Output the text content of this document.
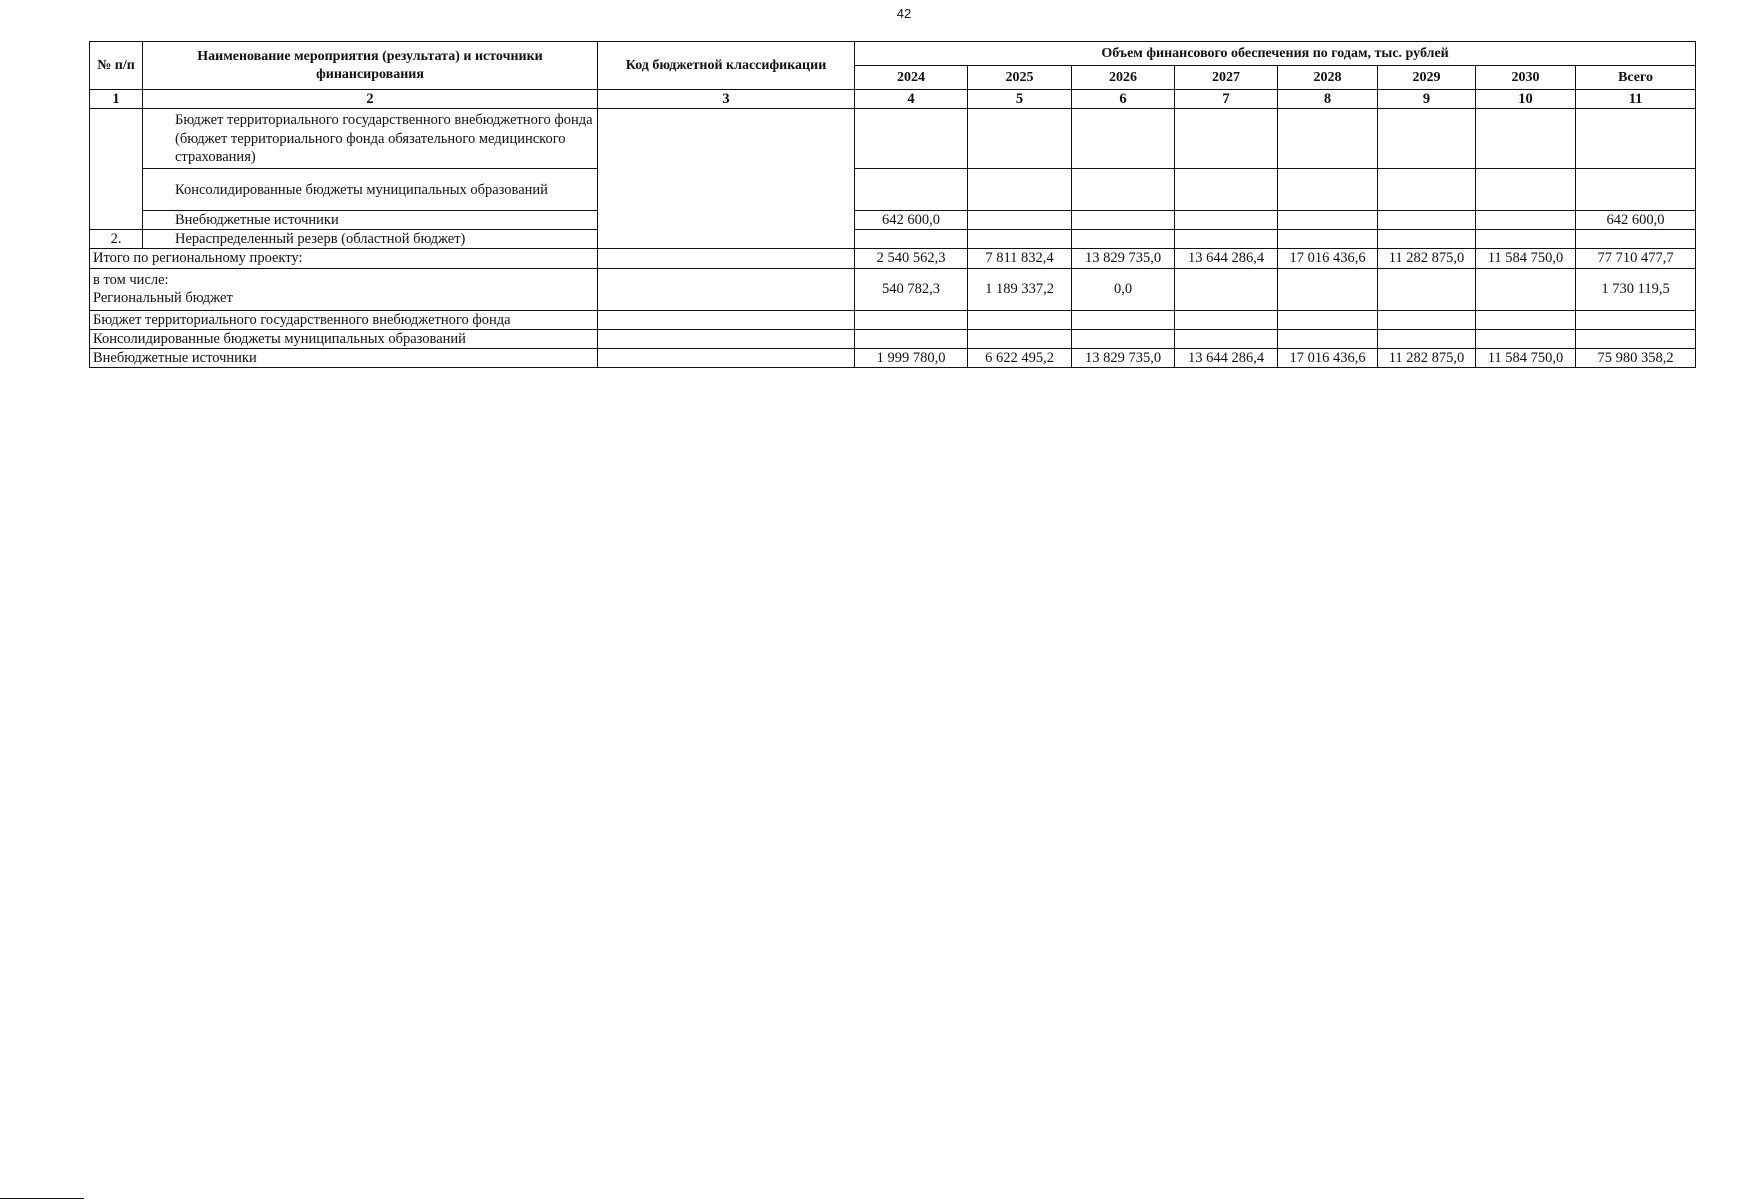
42
№ п/п	Наименование мероприятия (результата) и источники финансирования	Код бюджетной классификации	Объем финансового обеспечения по годам, тыс. рублей							
			2024	2025	2026	2027	2028	2029	2030	Всего
1	2	3	4	5	6	7	8	9	10	11
	Бюджет территориального государственного внебюджетного фонда (бюджет территориального фонда обязательного медицинского страхования)									
	Консолидированные бюджеты муниципальных образований									
	Внебюджетные источники		642 600,0							642 600,0
2.	Нераспределенный резерв (областной бюджет)									
Итого по региональному проекту:			2 540 562,3	7 811 832,4	13 829 735,0	13 644 286,4	17 016 436,6	11 282 875,0	11 584 750,0	77 710 477,7

в том числе:
Региональный бюджет			540 782,3	1 189 337,2	0,0					1 730 119,5
Бюджет территориального государственного внебюджетного фонда										
Консолидированные бюджеты муниципальных образований										
Внебюджетные источники			1 999 780,0	6 622 495,2	13 829 735,0	13 644 286,4	17 016 436,6	11 282 875,0	11 584 750,0	75 980 358,2
